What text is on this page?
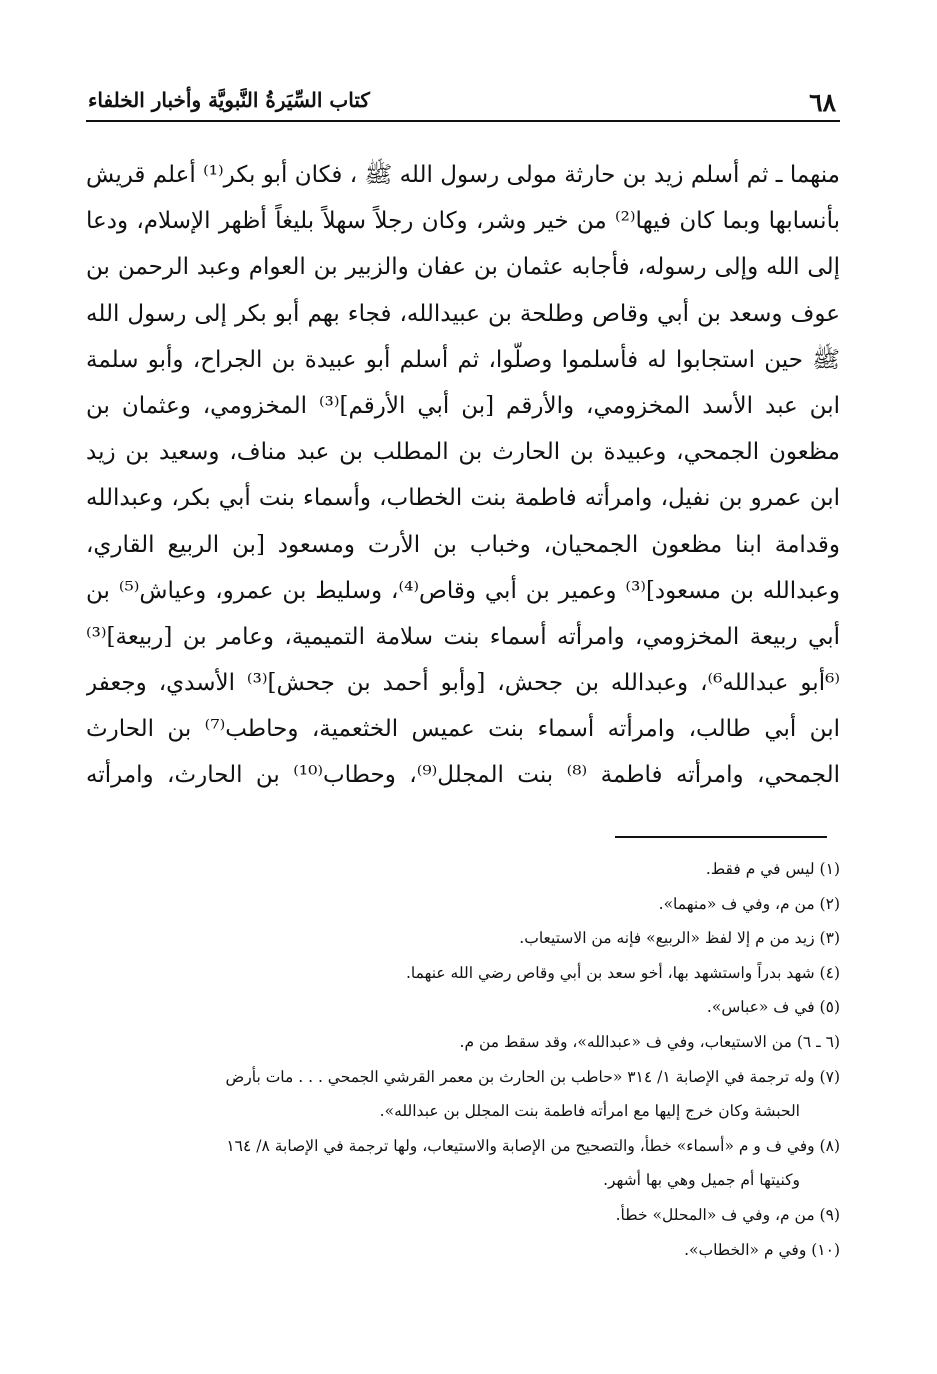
٦٨
كتاب السِّيَرةُ النَّبويَّة وأخبار الخلفاء
منهما ـ ثم أسلم زيد بن حارثة مولى رسول الله ﷺ ، فكان أبو بكر⁽¹⁾ أعلم قريش
بأنسابها وبما كان فيها⁽²⁾ من خير وشر، وكان رجلاً سهلاً بليغاً أظهر الإسلام، ودعا
إلى الله وإلى رسوله، فأجابه عثمان بن عفان والزبير بن العوام وعبد الرحمن بن
عوف وسعد بن أبي وقاص وطلحة بن عبيدالله، فجاء بهم أبو بكر إلى رسول الله
ﷺ حين استجابوا له فأسلموا وصلّوا، ثم أسلم أبو عبيدة بن الجراح، وأبو سلمة
ابن عبد الأسد المخزومي، والأرقم [بن أبي الأرقم]⁽³⁾ المخزومي، وعثمان بن
مظعون الجمحي، وعبيدة بن الحارث بن المطلب بن عبد مناف، وسعيد بن زيد
ابن عمرو بن نفيل، وامرأته فاطمة بنت الخطاب، وأسماء بنت أبي بكر، وعبدالله
وقدامة ابنا مظعون الجمحيان، وخباب بن الأرت ومسعود [بن الربيع القاري،
وعبدالله بن مسعود]⁽³⁾ وعمير بن أبي وقاص⁽⁴⁾، وسليط بن عمرو، وعياش⁽⁵⁾ بن
أبي ربيعة المخزومي، وامرأته أسماء بنت سلامة التميمية، وعامر بن [ربيعة]⁽³⁾
⁽⁶أبو عبدالله⁶⁾، وعبدالله بن جحش، [وأبو أحمد بن جحش]⁽³⁾ الأسدي، وجعفر
ابن أبي طالب، وامرأته أسماء بنت عميس الخثعمية، وحاطب⁽⁷⁾ بن الحارث
الجمحي، وامرأته فاطمة ⁽⁸⁾ بنت المجلل⁽⁹⁾، وحطاب⁽¹⁰⁾ بن الحارث، وامرأته
(١) ليس في م فقط.
(٢) من م، وفي ف «منهما».
(٣) زيد من م إلا لفظ «الربيع» فإنه من الاستيعاب.
(٤) شهد بدراً واستشهد بها، أخو سعد بن أبي وقاص رضي الله عنهما.
(٥) في ف «عباس».
(٦ ـ ٦) من الاستيعاب، وفي ف «عبدالله»، وقد سقط من م.
(٧) وله ترجمة في الإصابة ١/ ٣١٤ «حاطب بن الحارث بن معمر القرشي الجمحي . . . مات بأرض
الحبشة وكان خرج إليها مع امرأته فاطمة بنت المجلل بن عبدالله».
(٨) وفي ف و م «أسماء» خطأ، والتصحيح من الإصابة والاستيعاب، ولها ترجمة في الإصابة ٨/ ١٦٤
وكنيتها أم جميل وهي بها أشهر.
(٩) من م، وفي ف «المحلل» خطأ.
(١٠) وفي م «الخطاب».
